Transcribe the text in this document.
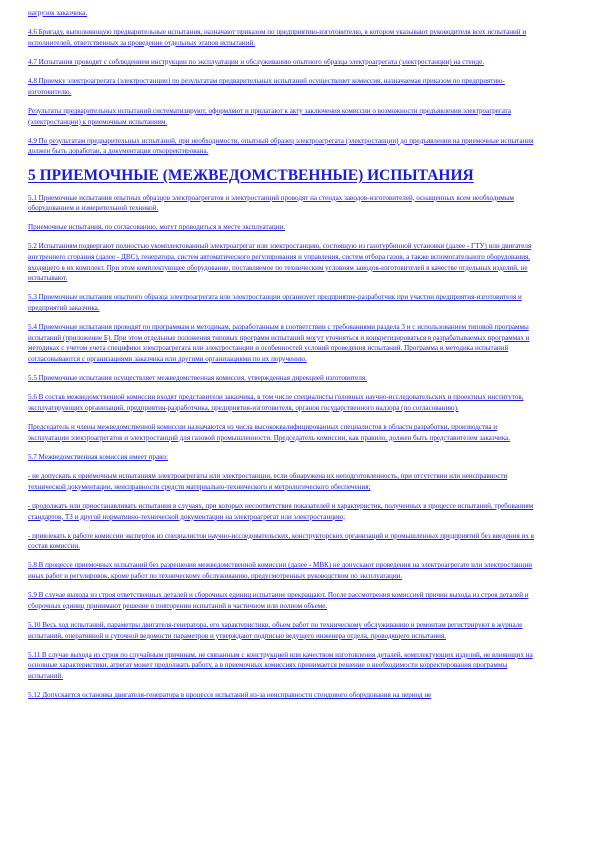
нагрузок заказчика.

4.6 Бригаду, выполняющую предварительные испытания, назначают приказом по предприятию-изготовителю, в котором указывают руководителя всех испытаний и исполнителей, ответственных за проведение отдельных этапов испытаний.

4.7 Испытания проводят с соблюдением инструкции по эксплуатации и обслуживанию опытного образца электроагрегата (электростанции) на стенде.

4.8 Приемку электроагрегата (электростанции) по результатам предварительных испытаний осуществляет комиссия, назначаемая приказом по предприятию-изготовителю.

Результаты предварительных испытаний систематизируют, оформляют и прилагают к акту заключения комиссии о возможности предъявления электроагрегата (электростанции) к приемочным испытаниям.

4.9 По результатам предварительных испытаний, при необходимости, опытный образец электроагрегата (электростанции) до предъявления на приемочные испытания должен быть доработан, а документация откорректирована.

5 ПРИЕМОЧНЫЕ (МЕЖВЕДОМСТВЕННЫЕ) ИСПЫТАНИЯ

5.1 Приемочные испытания опытных образцов электроагрегатов и электростанций проводят на стендах заводов-изготовителей, оснащенных всем необходимым оборудованием и измерительной техникой.

Приемочные испытания, по согласованию, могут проводиться в месте эксплуатации.

5.2 Испытаниям подвергают полностью укомплектованный электроагрегат или электростанцию, состоящую из газотурбинной установки (далее - ГТУ) или двигателя внутреннего сгорания (далее - ДВС), генератора, систем автоматического регулирования и управления, систем отбора газов, а также вспомогательного оборудования, входящего в их комплект. При этом комплектующее оборудование, поставляемое по техническим условиям заводов-изготовителей в качестве отдельных изделий, не испытывают.

5.3 Приемочные испытания опытного образца электроагрегата или электростанции организует предприятие-разработчик при участии предприятия-изготовителя и предприятий заказчика.

5.4 Приемочные испытания проводят по программам и методикам, разработанным в соответствии с требованиями раздела 3 и с использованием типовой программы испытаний (приложение Б). При этом отдельные положения типовых программ испытаний могут уточняться и конкретизироваться в разрабатываемых программах и методиках с учетом учета специфики электроагрегата или электростанции и особенностей условий проведения испытаний. Программа и методика испытаний согласовываются с организациями заказчика или другими организациями по их поручению.

5.5 Приемочные испытания осуществляет межведомственная комиссия, утвержденная дирекцией изготовителя.

5.6 В состав межведомственной комиссии входят представители заказчика, в том числе специалисты головных научно-исследовательских и проектных институтов, эксплуатирующих организаций, предприятия-разработчика, предприятия-изготовителя, органов государственного надзора (по согласованию).

Председатель и члены межведомственной комиссии назначаются из числа высококвалифицированных специалистов в области разработки, производства и эксплуатации электроагрегатов и электростанций для газовой промышленности. Председатель комиссии, как правило, должен быть представителем заказчика.

5.7 Межведомственная комиссия имеет право:

- не допускать к приемочным испытаниям электроагрегаты или электростанции, если обнаружена их неподготовленность, при отсутствии или неисправности технической документации, неисправности средств материально-технического и метрологического обеспечения;

- продолжать или приостанавливать испытания в случаях, при которых несоответствия показателей и характеристик, полученных в процессе испытаний, требованиям стандартов, ТЗ и другой нормативно-технической документации на электроагрегат или электростанцию;

- привлекать к работе комиссии экспертов из специалистов научно-исследовательских, конструкторских организаций и промышленных предприятий без введения их в состав комиссии.

5.8 В процессе приемочных испытаний без разрешения межведомственной комиссии (далее - МВК) не допускают проведения на электроагрегате или электростанции иных работ и регулировок, кроме работ по техническому обслуживанию, предусмотренных руководством по эксплуатации.

5.9 В случае выхода из строя ответственных деталей и сборочных единиц испытание прекращают. После рассмотрения комиссией причин выхода из строя деталей и сборочных единиц принимают решение о повторении испытаний в частичном или полном объеме.

5.10 Весь ход испытаний, параметры двигателя-генератора, его характеристики, объем работ по техническому обслуживанию и ремонтам регистрируют в журнале испытаний, оперативной и суточной ведомости параметров и утверждают подписью ведущего инженера отдела, проводящего испытания.

5.11 В случае выхода из строя по случайным причинам, не связанным с конструкцией или качеством изготовления деталей, комплектующих изделий, не влияющих на основные характеристики, агрегат может продолжать работу, а в приемочных комиссиях принимается решение о необходимости корректирования программы испытаний.

5.12 Допускается остановка двигателя-генератора в процессе испытаний из-за неисправности стендового оборудования на период не
